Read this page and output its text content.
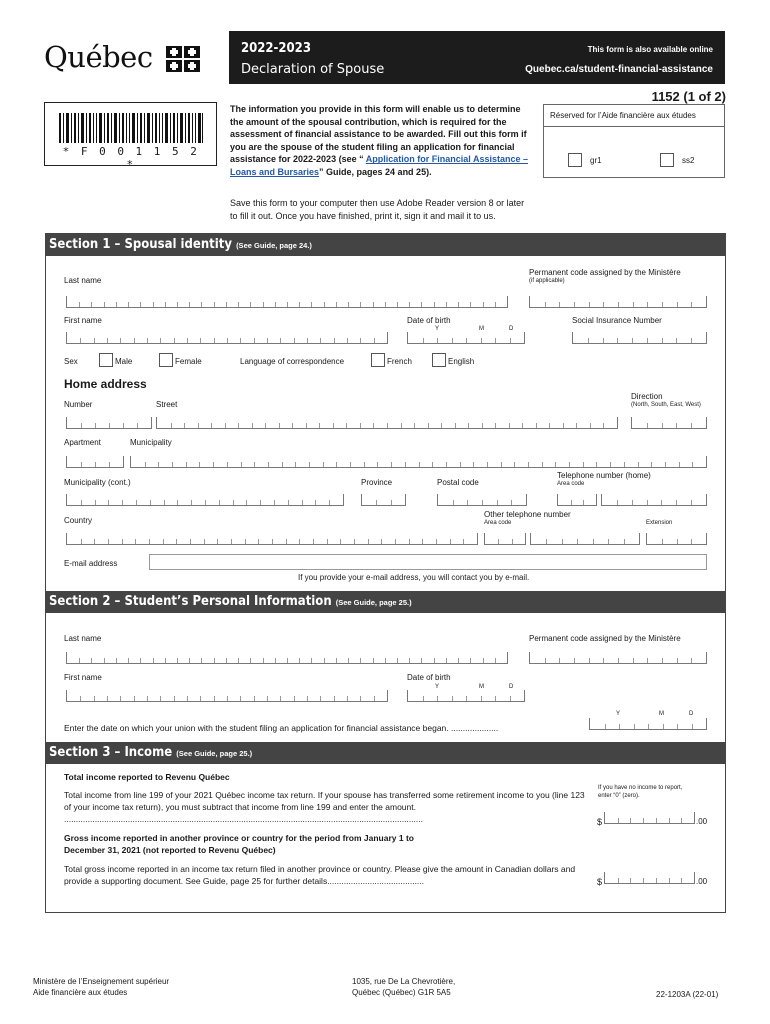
Québec	2022-2023
Declaration of Spouse
This form is also available online
Quebec.ca/student-financial-assistance
1152 (1 of 2)
* F 0 0 1 1 5 2 *
The information you provide in this form will enable us to determine the amount of the spousal contribution, which is required for the assessment of financial assistance to be awarded. Fill out this form if you are the spouse of the student filing an application for financial assistance for 2022-2023 (see “ Application for Financial Assistance – Loans and Bursaries” Guide, pages 24 and 25).
Save this form to your computer then use Adobe Reader version 8 or later to fill it out. Once you have finished, print it, sign it and mail it to us.
Réserved for l’Aide financière aux études
gr1	ss2
Section 1 – Spousal identity (See Guide, page 24.)
Last name
Permanent code assigned by the Ministère
(if applicable)
First name	Date of birth
Y	M	D
Social Insurance Number
Sex	Male	Female	Language of correspondence	French	English
Home address
Number	Street
Direction
(North, South, East, West)
Apartment	Municipality
Municipality (cont.)	Province	Postal code
Telephone number (home)
Area code
Country
Other telephone number
Area code	Extension
E-mail address
If you provide your e-mail address, you will contact you by e-mail.
Section 2 – Student’s Personal Information (See Guide, page 25.)
Last name	Permanent code assigned by the Ministère
First name	Date of birth
Y	M	D
Y	M	D
Enter the date on which your union with the student filing an application for financial assistance began. ....................
Section 3 – Income (See Guide, page 25.)
Total income reported to Revenu Québec
Total income from line 199 of your 2021 Québec income tax return. If your spouse has transferred some retirement income to you (line 123 of your income tax return), you must subtract that income from line 199 and enter the amount. ........................................................................................................................................................
If you have no income to report, enter “0” (zero).
$	.00
Gross income reported in another province or country for the period from January 1 to December 31, 2021 (not reported to Revenu Québec)
Total gross income reported in an income tax return filed in another province or country. Please give the amount in Canadian dollars and provide a supporting document. See Guide, page 25 for further details.........................................	$	.00
Ministère de l’Enseignement supérieur
Aide financière aux études
1035, rue De La Chevrotière,
Québec (Québec) G1R 5A5	22-1203A (22-01)
